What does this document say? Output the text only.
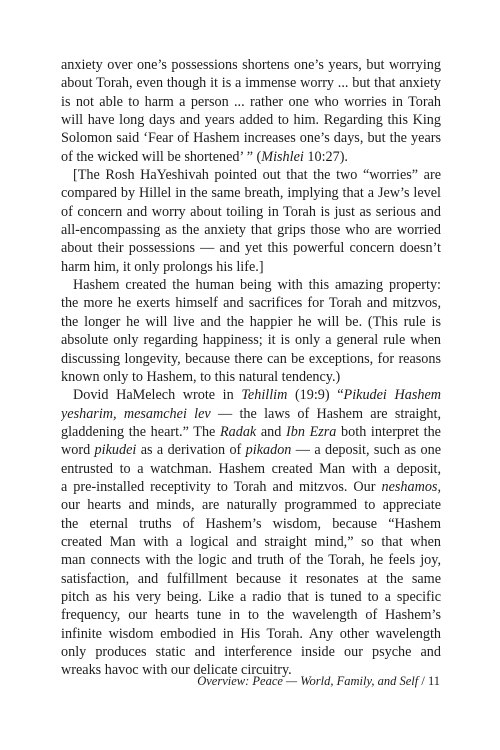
anxiety over one’s possessions shortens one’s years, but worrying
about Torah, even though it is a immense worry ... but that anxiety
is not able to harm a person ... rather one who worries in Torah
will have long days and years added to him. Regarding this King
Solomon said ‘Fear of Hashem increases one’s days, but the years
of the wicked will be shortened’ ” (Mishlei 10:27).
[The Rosh HaYeshivah pointed out that the two “worries” are
compared by Hillel in the same breath, implying that a Jew’s level
of concern and worry about toiling in Torah is just as serious and
all-encompassing as the anxiety that grips those who are worried
about their possessions — and yet this powerful concern doesn’t
harm him, it only prolongs his life.]
Hashem created the human being with this amazing property:
the more he exerts himself and sacrifices for Torah and mitzvos,
the longer he will live and the happier he will be. (This rule is
absolute only regarding happiness; it is only a general rule when
discussing longevity, because there can be exceptions, for reasons
known only to Hashem, to this natural tendency.)
Dovid HaMelech wrote in Tehillim (19:9) “Pikudei Hashem
yesharim, mesamchei lev — the laws of Hashem are straight,
gladdening the heart.” The Radak and Ibn Ezra both interpret the
word pikudei as a derivation of pikadon — a deposit, such as one
entrusted to a watchman. Hashem created Man with a deposit,
a pre-installed receptivity to Torah and mitzvos. Our neshamos,
our hearts and minds, are naturally programmed to appreciate
the eternal truths of Hashem’s wisdom, because “Hashem
created Man with a logical and straight mind,” so that when
man connects with the logic and truth of the Torah, he feels joy,
satisfaction, and fulfillment because it resonates at the same
pitch as his very being. Like a radio that is tuned to a specific
frequency, our hearts tune in to the wavelength of Hashem’s
infinite wisdom embodied in His Torah. Any other wavelength
only produces static and interference inside our psyche and
wreaks havoc with our delicate circuitry.
Overview: Peace — World, Family, and Self / 11
